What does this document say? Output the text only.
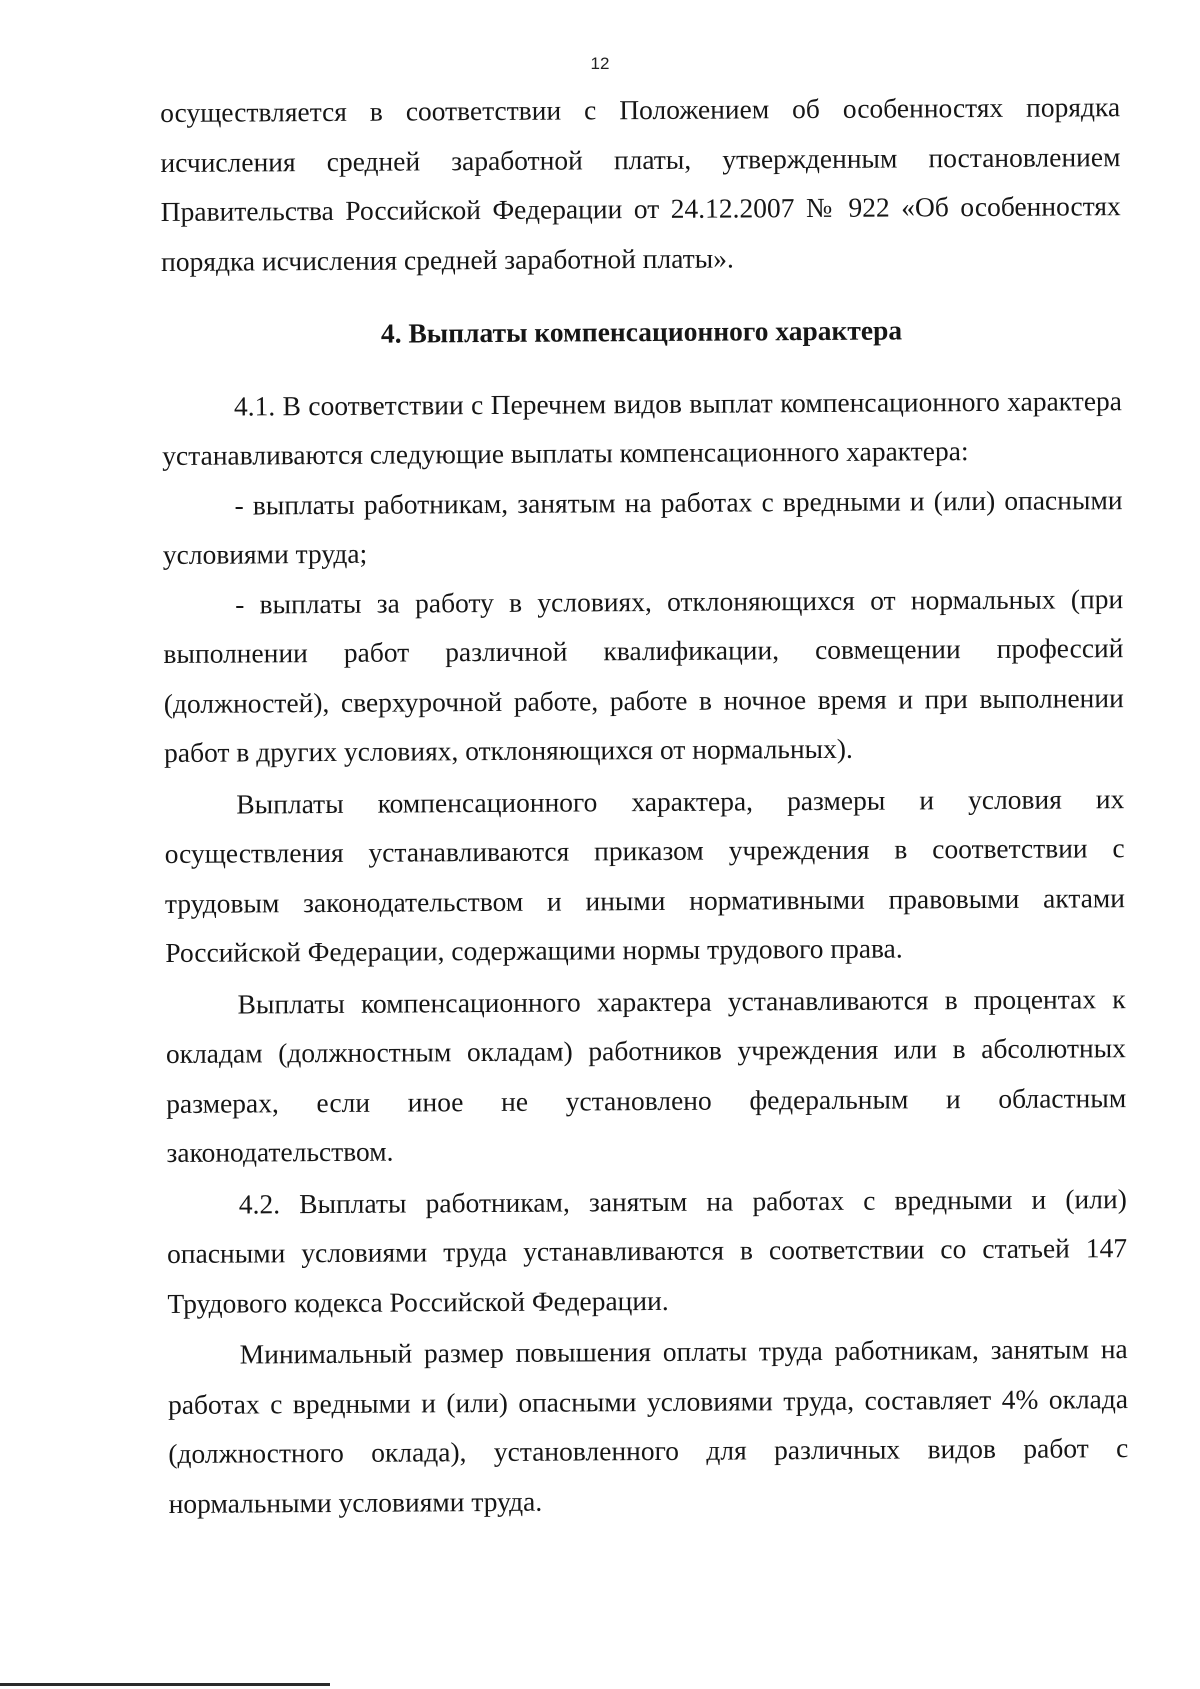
12

осуществляется в соответствии с Положением об особенностях порядка исчисления средней заработной платы, утвержденным постановлением Правительства Российской Федерации от 24.12.2007 № 922 «Об особенностях порядка исчисления средней заработной платы».

4. Выплаты компенсационного характера

4.1. В соответствии с Перечнем видов выплат компенсационного характера устанавливаются следующие выплаты компенсационного характера:

- выплаты работникам, занятым на работах с вредными и (или) опасными условиями труда;

- выплаты за работу в условиях, отклоняющихся от нормальных (при выполнении работ различной квалификации, совмещении профессий (должностей), сверхурочной работе, работе в ночное время и при выполнении работ в других условиях, отклоняющихся от нормальных).

Выплаты компенсационного характера, размеры и условия их осуществления устанавливаются приказом учреждения в соответствии с трудовым законодательством и иными нормативными правовыми актами Российской Федерации, содержащими нормы трудового права.

Выплаты компенсационного характера устанавливаются в процентах к окладам (должностным окладам) работников учреждения или в абсолютных размерах, если иное не установлено федеральным и областным законодательством.

4.2. Выплаты работникам, занятым на работах с вредными и (или) опасными условиями труда устанавливаются в соответствии со статьей 147 Трудового кодекса Российской Федерации.

Минимальный размер повышения оплаты труда работникам, занятым на работах с вредными и (или) опасными условиями труда, составляет 4% оклада (должностного оклада), установленного для различных видов работ с нормальными условиями труда.
